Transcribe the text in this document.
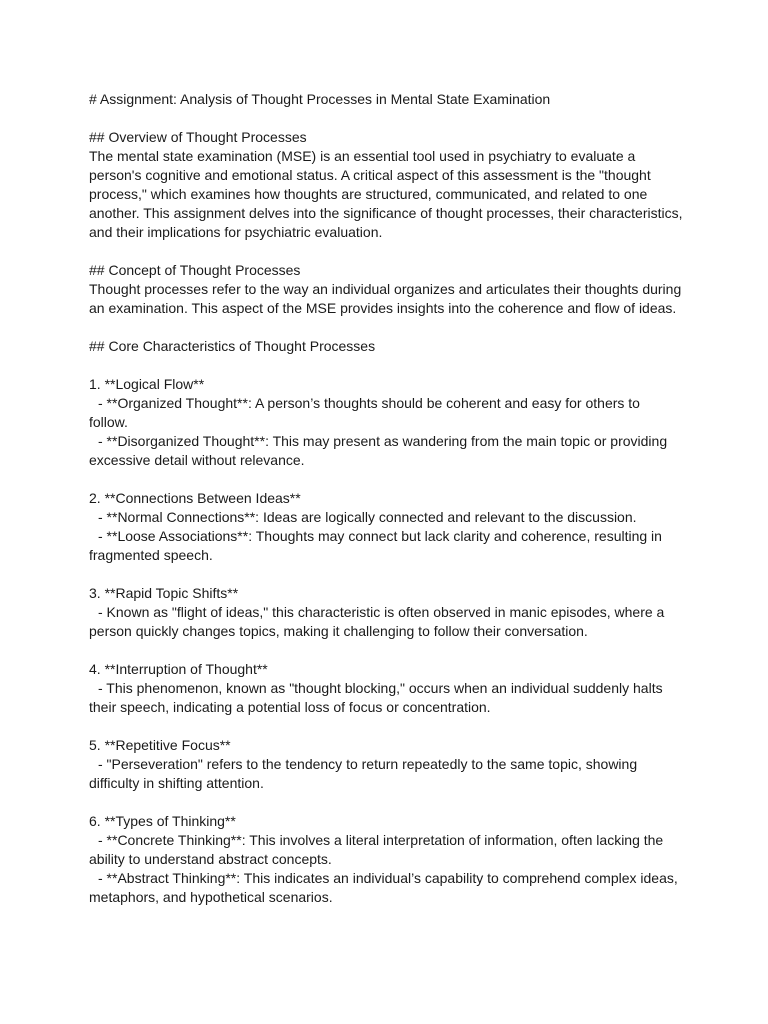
# Assignment: Analysis of Thought Processes in Mental State Examination
## Overview of Thought Processes
The mental state examination (MSE) is an essential tool used in psychiatry to evaluate a
person's cognitive and emotional status. A critical aspect of this assessment is the "thought
process," which examines how thoughts are structured, communicated, and related to one
another. This assignment delves into the significance of thought processes, their characteristics,
and their implications for psychiatric evaluation.
## Concept of Thought Processes
Thought processes refer to the way an individual organizes and articulates their thoughts during
an examination. This aspect of the MSE provides insights into the coherence and flow of ideas.
## Core Characteristics of Thought Processes
1. **Logical Flow**
- **Organized Thought**: A person’s thoughts should be coherent and easy for others to
follow.
- **Disorganized Thought**: This may present as wandering from the main topic or providing
excessive detail without relevance.
2. **Connections Between Ideas**
- **Normal Connections**: Ideas are logically connected and relevant to the discussion.
- **Loose Associations**: Thoughts may connect but lack clarity and coherence, resulting in
fragmented speech.
3. **Rapid Topic Shifts**
- Known as "flight of ideas," this characteristic is often observed in manic episodes, where a
person quickly changes topics, making it challenging to follow their conversation.
4. **Interruption of Thought**
- This phenomenon, known as "thought blocking," occurs when an individual suddenly halts
their speech, indicating a potential loss of focus or concentration.
5. **Repetitive Focus**
- "Perseveration" refers to the tendency to return repeatedly to the same topic, showing
difficulty in shifting attention.
6. **Types of Thinking**
- **Concrete Thinking**: This involves a literal interpretation of information, often lacking the
ability to understand abstract concepts.
- **Abstract Thinking**: This indicates an individual’s capability to comprehend complex ideas,
metaphors, and hypothetical scenarios.
